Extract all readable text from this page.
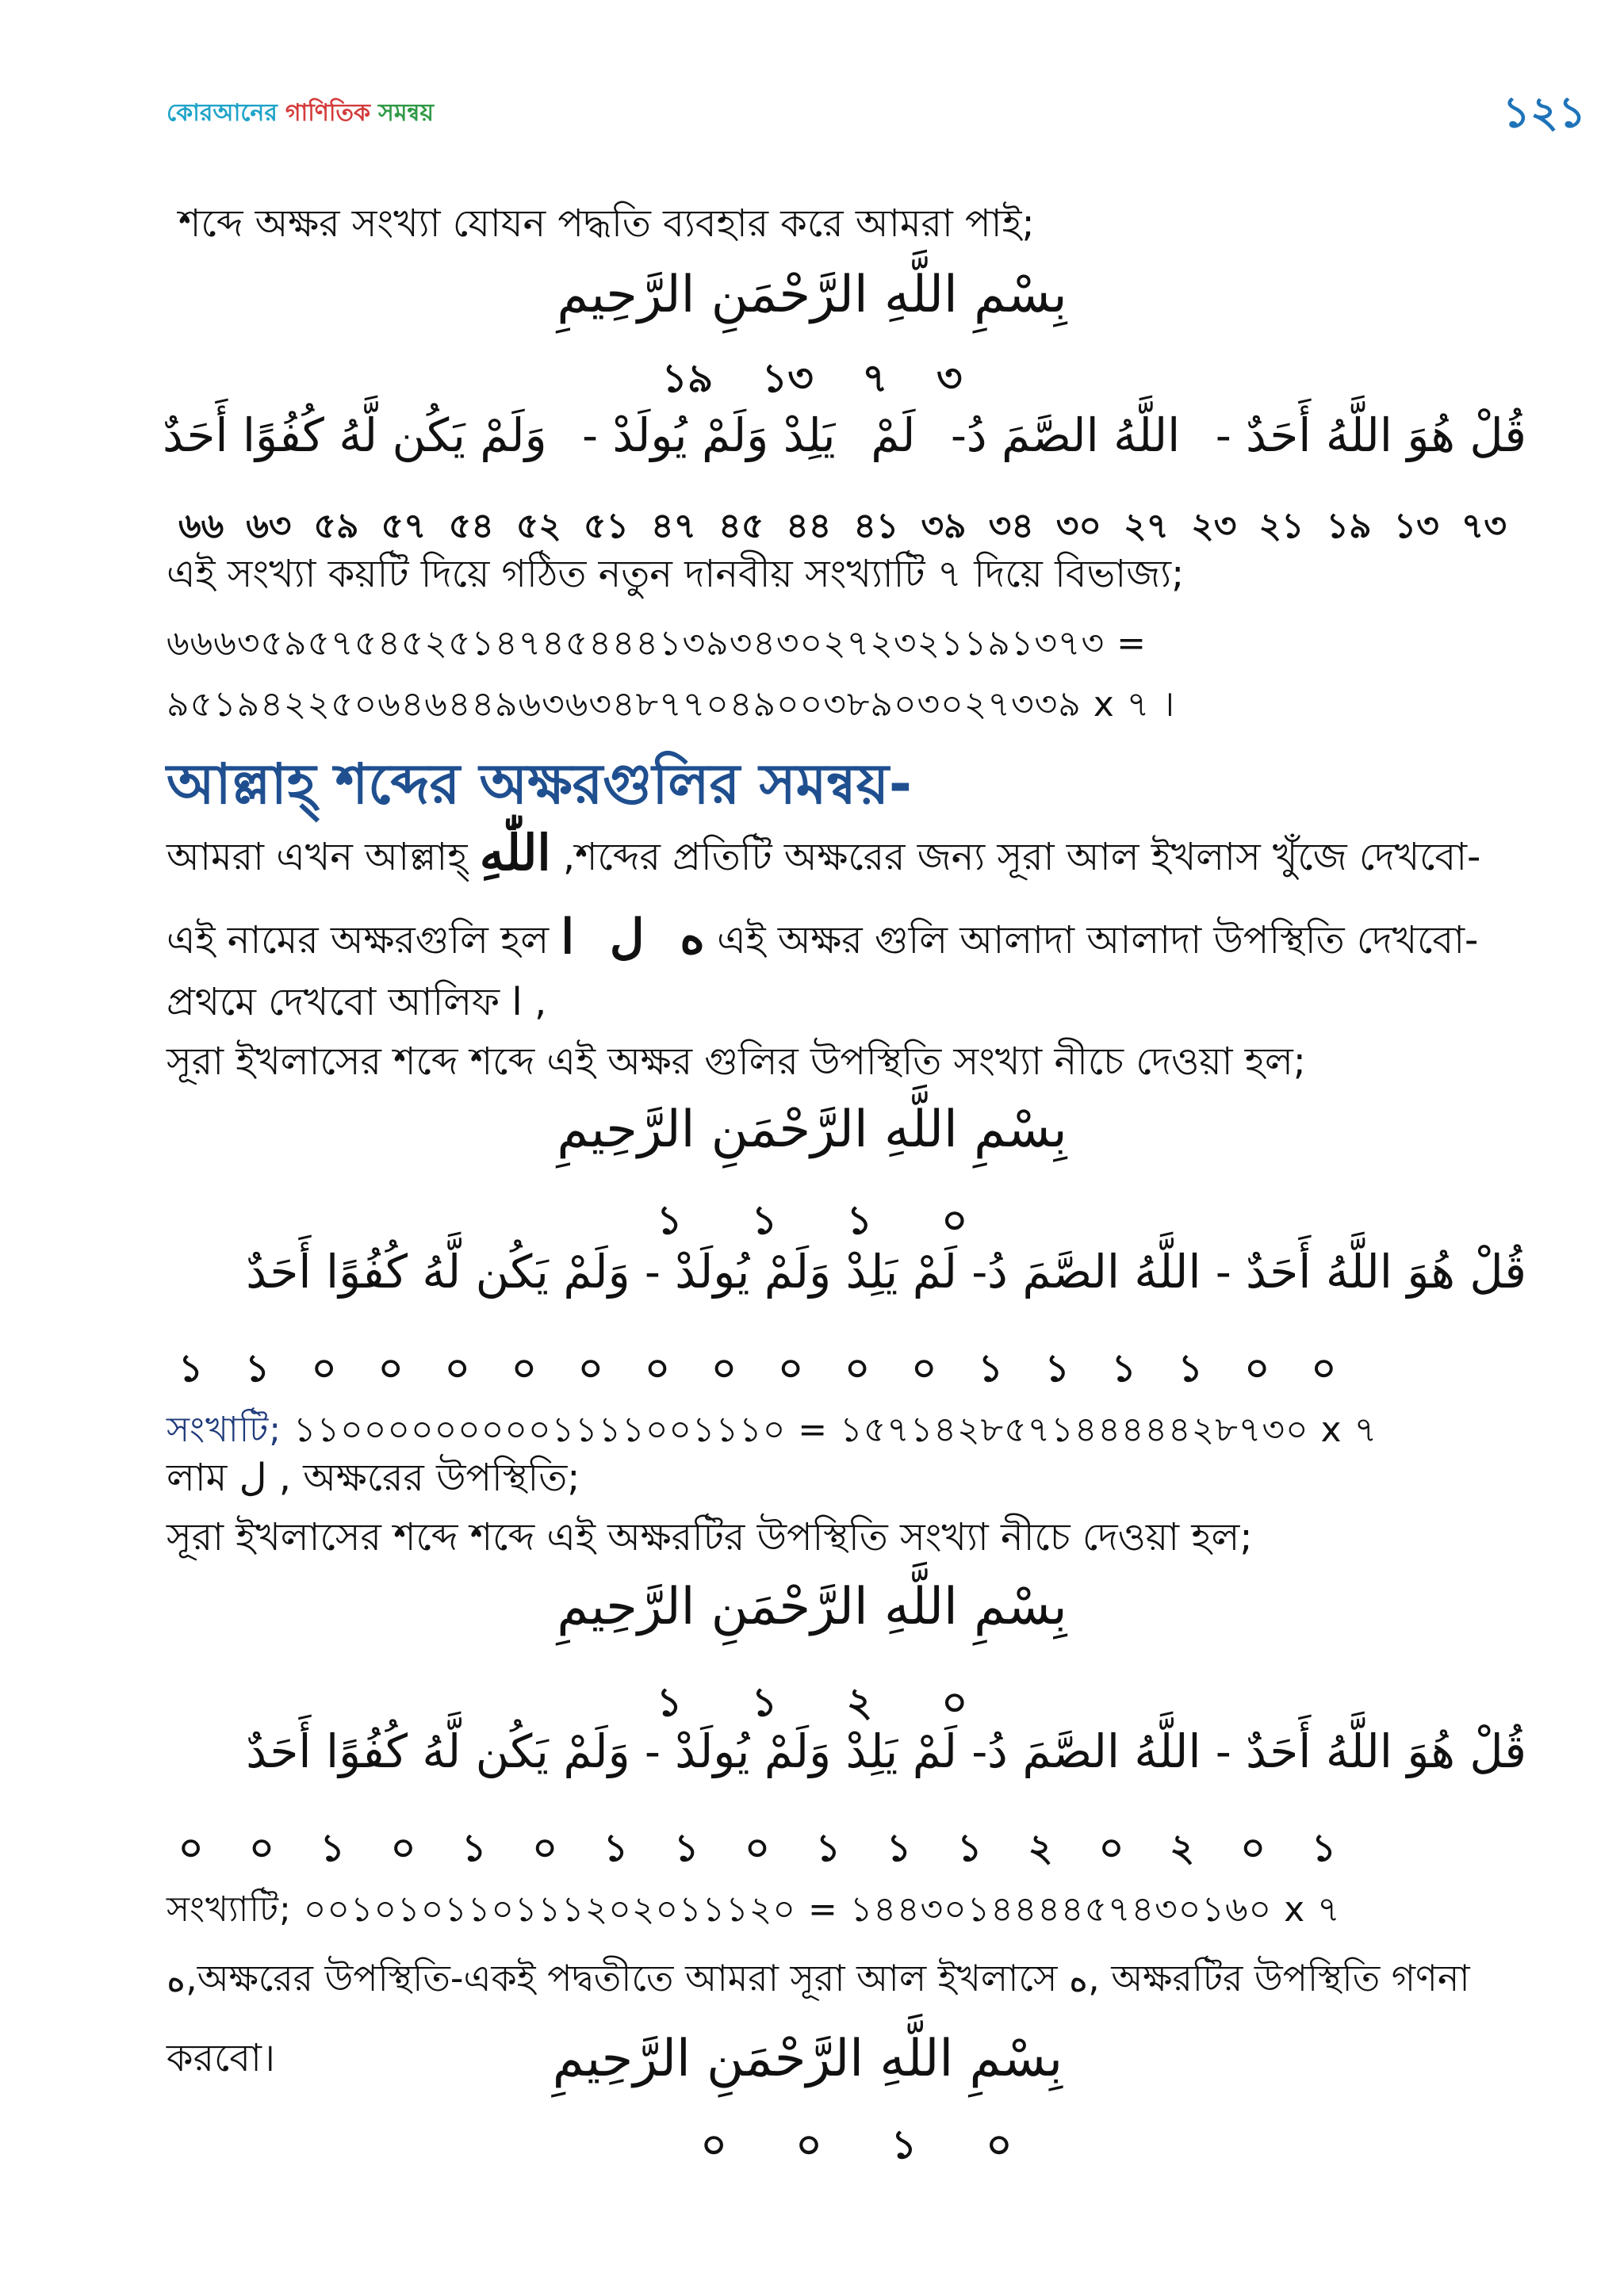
কোরআনের গাণিতিক সমন্বয়	১২১
শব্দে অক্ষর সংখ্যা যোযন পদ্ধতি ব্যবহার করে আমরা পাই;
بِسْمِ اللَّهِ الرَّحْمَنِ الرَّحِيمِ
১৯ ১৩ ৭ ৩
قُلْ هُوَ اللَّهُ أَحَدٌ -
اللَّهُ الصَّمَ دُ-
لَمْ
يَلِدْ وَلَمْ يُولَدْ -
وَلَمْ يَكُن لَّهُ كُفُوًا أَحَدٌ
৬৬ ৬৩ ৫৯ ৫৭ ৫৪ ৫২ ৫১ ৪৭ ৪৫ ৪৪ ৪১ ৩৯ ৩৪ ৩০ ২৭ ২৩ ২১ ১৯ ১৩ ৭৩
এই সংখ্যা কয়টি দিয়ে গঠিত নতুন দানবীয় সংখ্যাটি ৭ দিয়ে বিভাজ্য;
৬৬৬৩৫৯৫৭৫৪৫২৫১৪৭৪৫৪৪৪১৩৯৩৪৩০২৭২৩২১১৯১৩৭৩ =
৯৫১৯৪২২৫০৬৪৬৪৪৯৬৩৬৩৪৮৭৭০৪৯০০৩৮৯০৩০২৭৩৩৯ x ৭ ।
আল্লাহ্ শব্দের অক্ষরগুলির সমন্বয়-
আমরা এখন আল্লাহ্ اللّٰهِ ,শব্দের প্রতিটি অক্ষরের জন্য সূরা আল ইখলাস খুঁজে দেখবো-
এই নামের অক্ষরগুলি হল ه ل ا এই অক্ষর গুলি আলাদা আলাদা উপস্থিতি দেখবো-
প্রথমে দেখবো আলিফ ا ,
সূরা ইখলাসের শব্দে শব্দে এই অক্ষর গুলির উপস্থিতি সংখ্যা নীচে দেওয়া হল;
بِسْمِ اللَّهِ الرَّحْمَنِ الرَّحِيمِ
১ ১ ১ ০
قُلْ هُوَ اللَّهُ أَحَدٌ - اللَّهُ الصَّمَ دُ- لَمْ يَلِدْ وَلَمْ يُولَدْ - وَلَمْ يَكُن لَّهُ كُفُوًا أَحَدٌ
১ ১ ০ ০ ০ ০ ০ ০ ০ ০ ০ ০ ১ ১ ১ ১ ০ ০
সংখাটি; ১১০০০০০০০০০১১১১০০১১১০ = ১৫৭১৪২৮৫৭১৪৪৪৪৪২৮৭৩০ x ৭
লাম ل , অক্ষরের উপস্থিতি;
সূরা ইখলাসের শব্দে শব্দে এই অক্ষরটির উপস্থিতি সংখ্যা নীচে দেওয়া হল;
بِسْمِ اللَّهِ الرَّحْمَنِ الرَّحِيمِ
১ ১ ২ ০
قُلْ هُوَ اللَّهُ أَحَدٌ - اللَّهُ الصَّمَ دُ- لَمْ يَلِدْ وَلَمْ يُولَدْ - وَلَمْ يَكُن لَّهُ كُفُوًا أَحَدٌ
০ ০ ১ ০ ১ ০ ১ ১ ০ ১ ১ ১ ২ ০ ২ ০ ১
সংখ্যাটি; ০০১০১০১১০১১১২০২০১১১২০ = ১৪৪৩০১৪৪৪৪৫৭৪৩০১৬০ x ৭
ه,অক্ষরের উপস্থিতি-একই পদ্বতীতে আমরা সূরা আল ইখলাসে ه, অক্ষরটির উপস্থিতি গণনা
করবো।	بِسْمِ اللَّهِ الرَّحْمَنِ الرَّحِيمِ
০ ০ ১ ০
